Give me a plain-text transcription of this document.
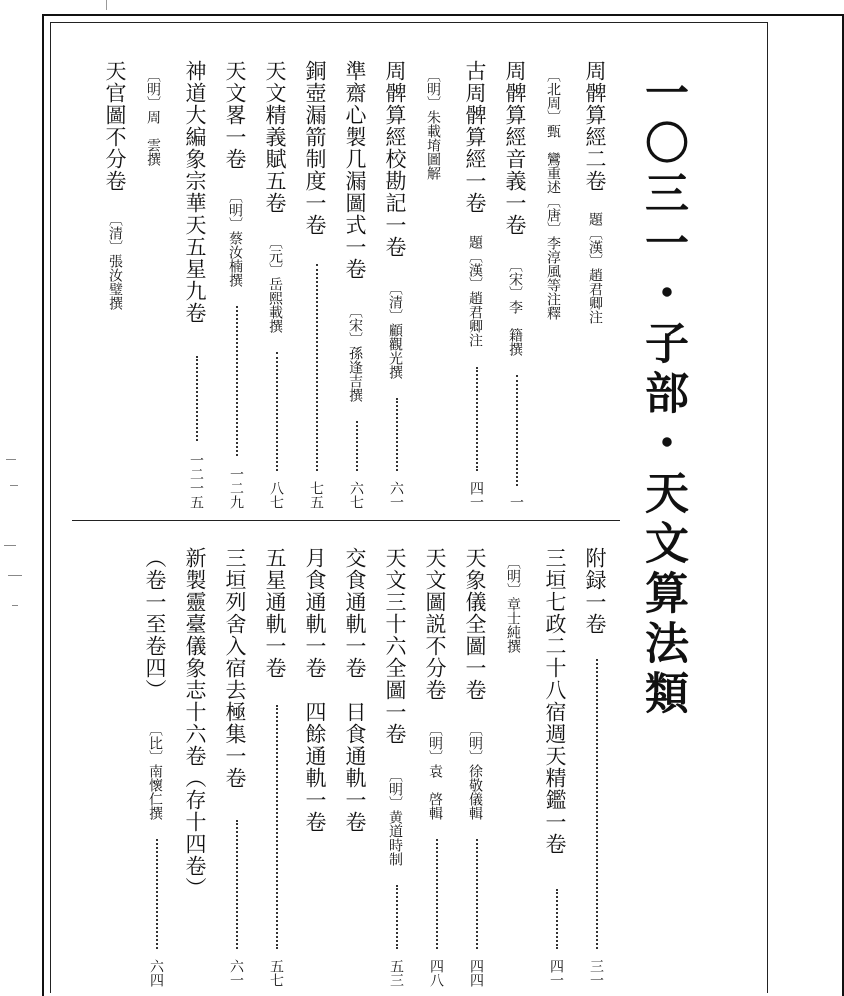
一〇三一・子部・天文算法類
周髀算經二卷
題〔漢〕趙君卿注
〔北周〕甄　鸞重述〔唐〕李淳風等注釋
周髀算經音義一卷
〔宋〕李　籍撰
一
古周髀算經一卷
題〔漢〕趙君卿注
四一
〔明〕朱載堉圖解
周髀算經校勘記一卷
〔清〕顧觀光撰
六一
準齋心製几漏圖式一卷
〔宋〕孫逢吉撰
六七
銅壺漏箭制度一卷
七五
天文精義賦五卷
〔元〕岳熙載撰
八七
天文畧一卷
〔明〕蔡汝楠撰
一二九
神道大編象宗華天五星九卷
一二一五
〔明〕周　雲撰
天官圖不分卷
〔清〕張汝璧撰
附録一卷
三一
三垣七政二十八宿週天精鑑一卷
四一
〔明〕章士純撰
天象儀全圖一卷
〔明〕徐敬儀輯
四四
天文圖説不分卷
〔明〕袁　啓輯
四八
天文三十六全圖一卷
〔明〕黄道時制
五三
交食通軌一卷　日食通軌一卷
月食通軌一卷　四餘通軌一卷
五星通軌一卷
五七
三垣列舍入宿去極集一卷
六一
新製靈臺儀象志十六卷（存十四卷）
（卷一至卷四）
〔比〕南懷仁撰
六四
